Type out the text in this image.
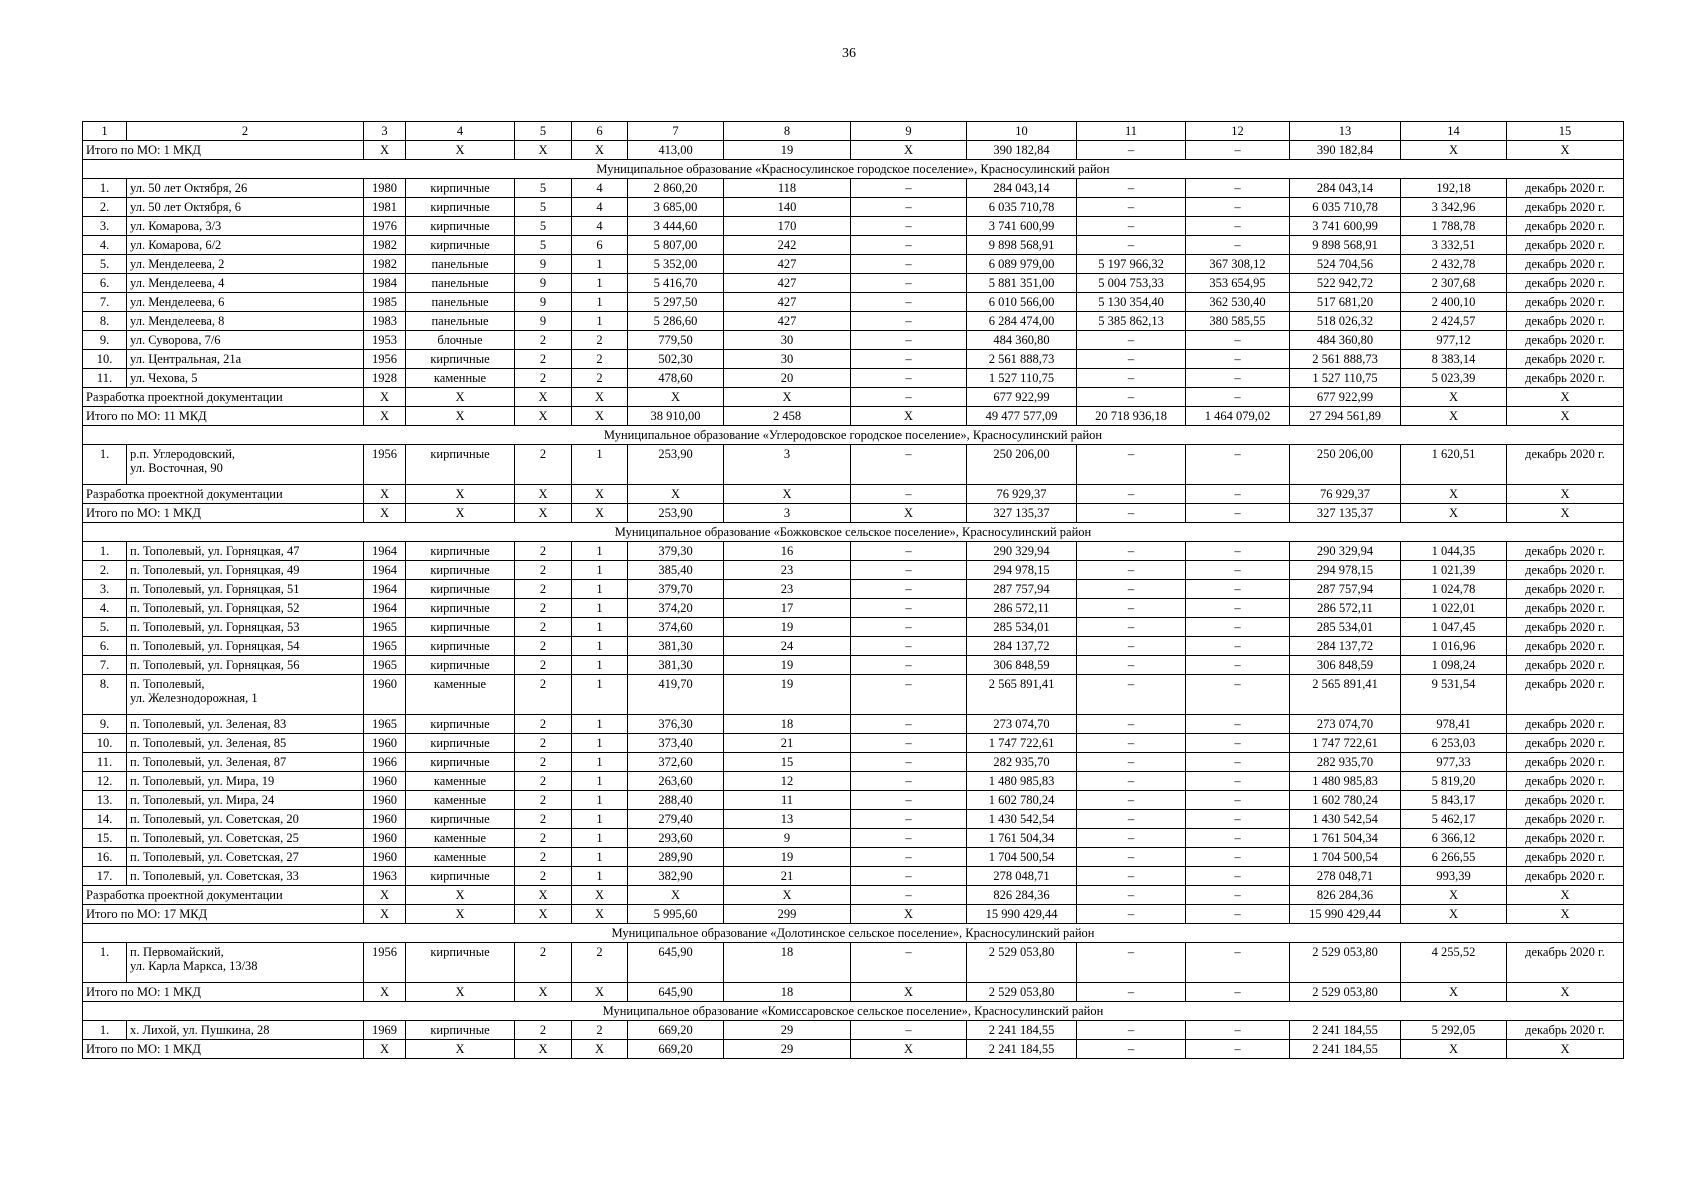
36
1	2	3	4	5	6	7	8	9	10	11	12	13	14	15
Итого по МО: 1 МКД		X	X	X	X	413,00	19	X	390 182,84	–	–	390 182,84	X	X
Муниципальное образование «Красносулинское городское поселение», Красносулинский район														
1.	ул. 50 лет Октября, 26	1980	кирпичные	5	4	2 860,20	118	–	284 043,14	–	–	284 043,14	192,18	декабрь 2020 г.
2.	ул. 50 лет Октября, 6	1981	кирпичные	5	4	3 685,00	140	–	6 035 710,78	–	–	6 035 710,78	3 342,96	декабрь 2020 г.
3.	ул. Комарова, 3/3	1976	кирпичные	5	4	3 444,60	170	–	3 741 600,99	–	–	3 741 600,99	1 788,78	декабрь 2020 г.
4.	ул. Комарова, 6/2	1982	кирпичные	5	6	5 807,00	242	–	9 898 568,91	–	–	9 898 568,91	3 332,51	декабрь 2020 г.
5.	ул. Менделеева, 2	1982	панельные	9	1	5 352,00	427	–	6 089 979,00	5 197 966,32	367 308,12	524 704,56	2 432,78	декабрь 2020 г.
6.	ул. Менделеева, 4	1984	панельные	9	1	5 416,70	427	–	5 881 351,00	5 004 753,33	353 654,95	522 942,72	2 307,68	декабрь 2020 г.
7.	ул. Менделеева, 6	1985	панельные	9	1	5 297,50	427	–	6 010 566,00	5 130 354,40	362 530,40	517 681,20	2 400,10	декабрь 2020 г.
8.	ул. Менделеева, 8	1983	панельные	9	1	5 286,60	427	–	6 284 474,00	5 385 862,13	380 585,55	518 026,32	2 424,57	декабрь 2020 г.
9.	ул. Суворова, 7/6	1953	блочные	2	2	779,50	30	–	484 360,80	–	–	484 360,80	977,12	декабрь 2020 г.
10.	ул. Центральная, 21а	1956	кирпичные	2	2	502,30	30	–	2 561 888,73	–	–	2 561 888,73	8 383,14	декабрь 2020 г.
11.	ул. Чехова, 5	1928	каменные	2	2	478,60	20	–	1 527 110,75	–	–	1 527 110,75	5 023,39	декабрь 2020 г.
Разработка проектной документации		X	X	X	X	X	X	–	677 922,99	–	–	677 922,99	X	X
Итого по МО: 11 МКД		X	X	X	X	38 910,00	2 458	X	49 477 577,09	20 718 936,18	1 464 079,02	27 294 561,89	X	X
Муниципальное образование «Углеродовское городское поселение», Красносулинский район														
1.	р.п. Углеродовский,
ул. Восточная, 90	1956	кирпичные	2	1	253,90	3	–	250 206,00	–	–	250 206,00	1 620,51	декабрь 2020 г.
Разработка проектной документации		X	X	X	X	X	X	–	76 929,37	–	–	76 929,37	X	X
Итого по МО: 1 МКД		X	X	X	X	253,90	3	X	327 135,37	–	–	327 135,37	X	X
Муниципальное образование «Божковское сельское поселение», Красносулинский район														
1.	п. Тополевый, ул. Горняцкая, 47	1964	кирпичные	2	1	379,30	16	–	290 329,94	–	–	290 329,94	1 044,35	декабрь 2020 г.
2.	п. Тополевый, ул. Горняцкая, 49	1964	кирпичные	2	1	385,40	23	–	294 978,15	–	–	294 978,15	1 021,39	декабрь 2020 г.
3.	п. Тополевый, ул. Горняцкая, 51	1964	кирпичные	2	1	379,70	23	–	287 757,94	–	–	287 757,94	1 024,78	декабрь 2020 г.
4.	п. Тополевый, ул. Горняцкая, 52	1964	кирпичные	2	1	374,20	17	–	286 572,11	–	–	286 572,11	1 022,01	декабрь 2020 г.
5.	п. Тополевый, ул. Горняцкая, 53	1965	кирпичные	2	1	374,60	19	–	285 534,01	–	–	285 534,01	1 047,45	декабрь 2020 г.
6.	п. Тополевый, ул. Горняцкая, 54	1965	кирпичные	2	1	381,30	24	–	284 137,72	–	–	284 137,72	1 016,96	декабрь 2020 г.
7.	п. Тополевый, ул. Горняцкая, 56	1965	кирпичные	2	1	381,30	19	–	306 848,59	–	–	306 848,59	1 098,24	декабрь 2020 г.
8.	п. Тополевый,
ул. Железнодорожная, 1	1960	каменные	2	1	419,70	19	–	2 565 891,41	–	–	2 565 891,41	9 531,54	декабрь 2020 г.
9.	п. Тополевый, ул. Зеленая, 83	1965	кирпичные	2	1	376,30	18	–	273 074,70	–	–	273 074,70	978,41	декабрь 2020 г.
10.	п. Тополевый, ул. Зеленая, 85	1960	кирпичные	2	1	373,40	21	–	1 747 722,61	–	–	1 747 722,61	6 253,03	декабрь 2020 г.
11.	п. Тополевый, ул. Зеленая, 87	1966	кирпичные	2	1	372,60	15	–	282 935,70	–	–	282 935,70	977,33	декабрь 2020 г.
12.	п. Тополевый, ул. Мира, 19	1960	каменные	2	1	263,60	12	–	1 480 985,83	–	–	1 480 985,83	5 819,20	декабрь 2020 г.
13.	п. Тополевый, ул. Мира, 24	1960	каменные	2	1	288,40	11	–	1 602 780,24	–	–	1 602 780,24	5 843,17	декабрь 2020 г.
14.	п. Тополевый, ул. Советская, 20	1960	кирпичные	2	1	279,40	13	–	1 430 542,54	–	–	1 430 542,54	5 462,17	декабрь 2020 г.
15.	п. Тополевый, ул. Советская, 25	1960	каменные	2	1	293,60	9	–	1 761 504,34	–	–	1 761 504,34	6 366,12	декабрь 2020 г.
16.	п. Тополевый, ул. Советская, 27	1960	каменные	2	1	289,90	19	–	1 704 500,54	–	–	1 704 500,54	6 266,55	декабрь 2020 г.
17.	п. Тополевый, ул. Советская, 33	1963	кирпичные	2	1	382,90	21	–	278 048,71	–	–	278 048,71	993,39	декабрь 2020 г.
Разработка проектной документации		X	X	X	X	X	X	–	826 284,36	–	–	826 284,36	X	X
Итого по МО: 17 МКД		X	X	X	X	5 995,60	299	X	15 990 429,44	–	–	15 990 429,44	X	X
Муниципальное образование «Долотинское сельское поселение», Красносулинский район														
1.	п. Первомайский,
ул. Карла Маркса, 13/38	1956	кирпичные	2	2	645,90	18	–	2 529 053,80	–	–	2 529 053,80	4 255,52	декабрь 2020 г.
Итого по МО: 1 МКД		X	X	X	X	645,90	18	X	2 529 053,80	–	–	2 529 053,80	X	X
Муниципальное образование «Комиссаровское сельское поселение», Красносулинский район														
1.	х. Лихой, ул. Пушкина, 28	1969	кирпичные	2	2	669,20	29	–	2 241 184,55	–	–	2 241 184,55	5 292,05	декабрь 2020 г.
Итого по МО: 1 МКД		X	X	X	X	669,20	29	X	2 241 184,55	–	–	2 241 184,55	X	X
